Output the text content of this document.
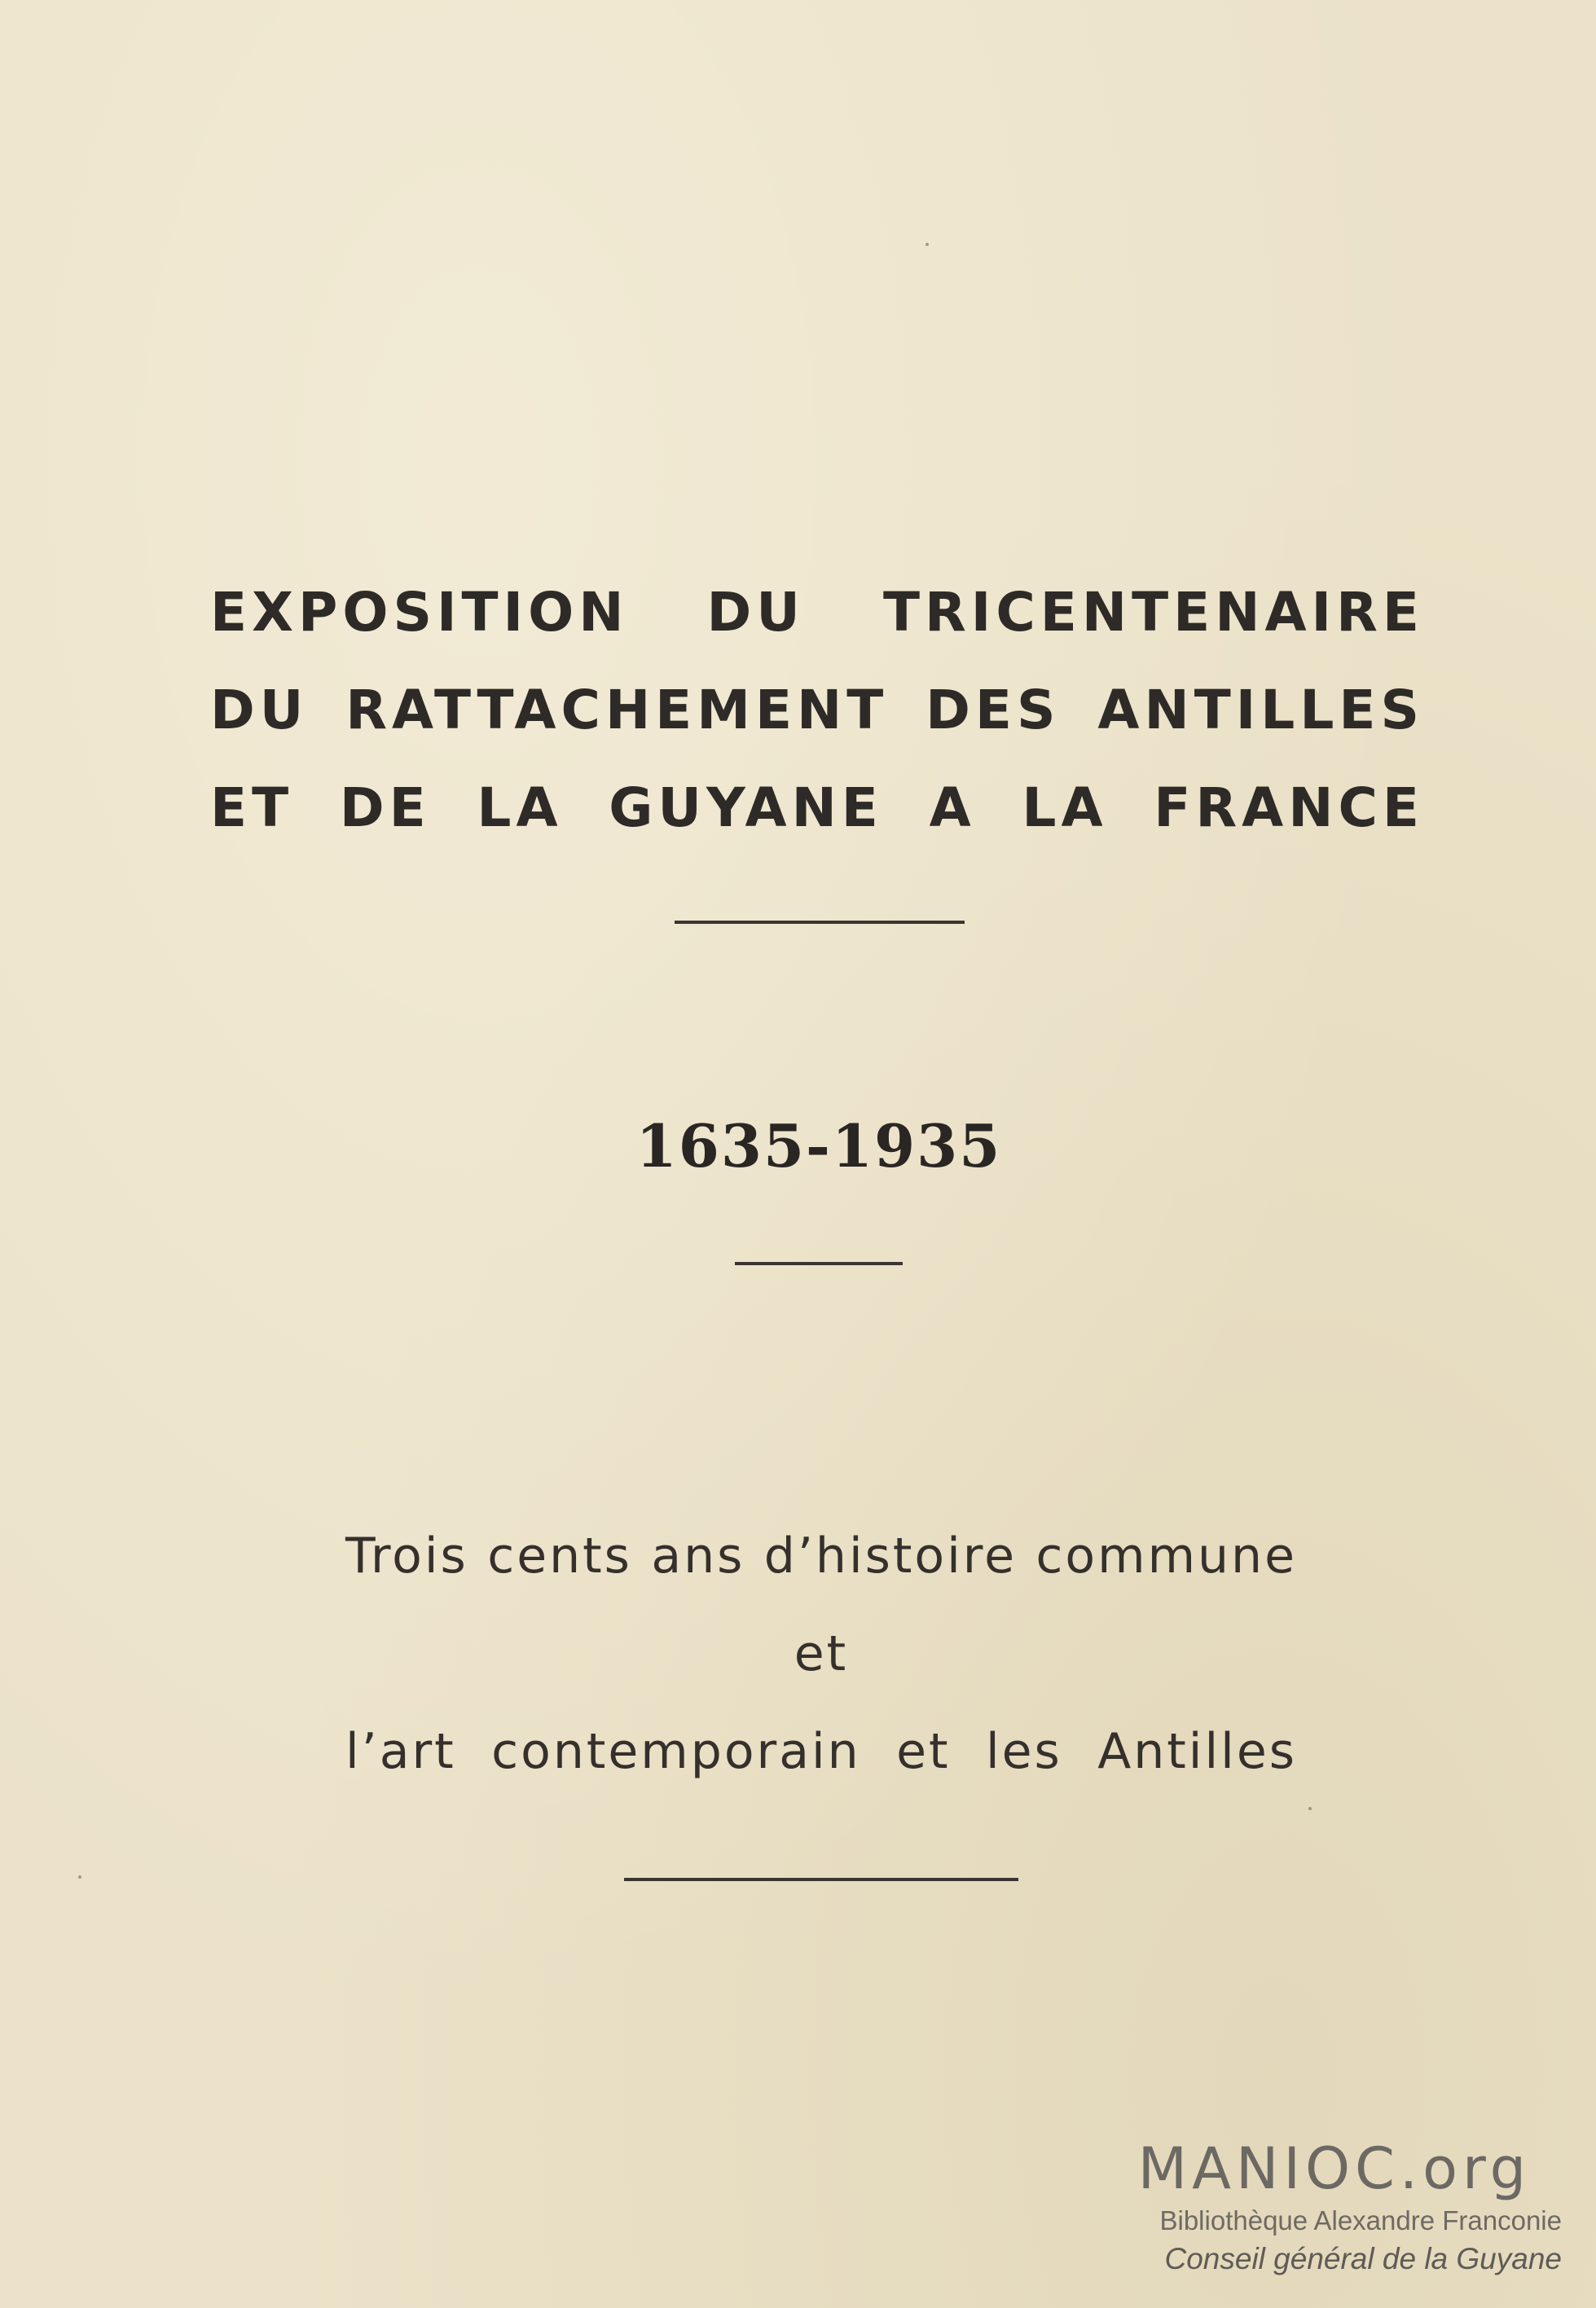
EXPOSITION DU TRICENTENAIRE
DU RATTACHEMENT DES ANTILLES
ET DE LA GUYANE A LA FRANCE
1635-1935
Trois cents ans d’histoire commune
et
l’art contemporain et les Antilles
MANIOC.org
Bibliothèque Alexandre Franconie
Conseil général de la Guyane
